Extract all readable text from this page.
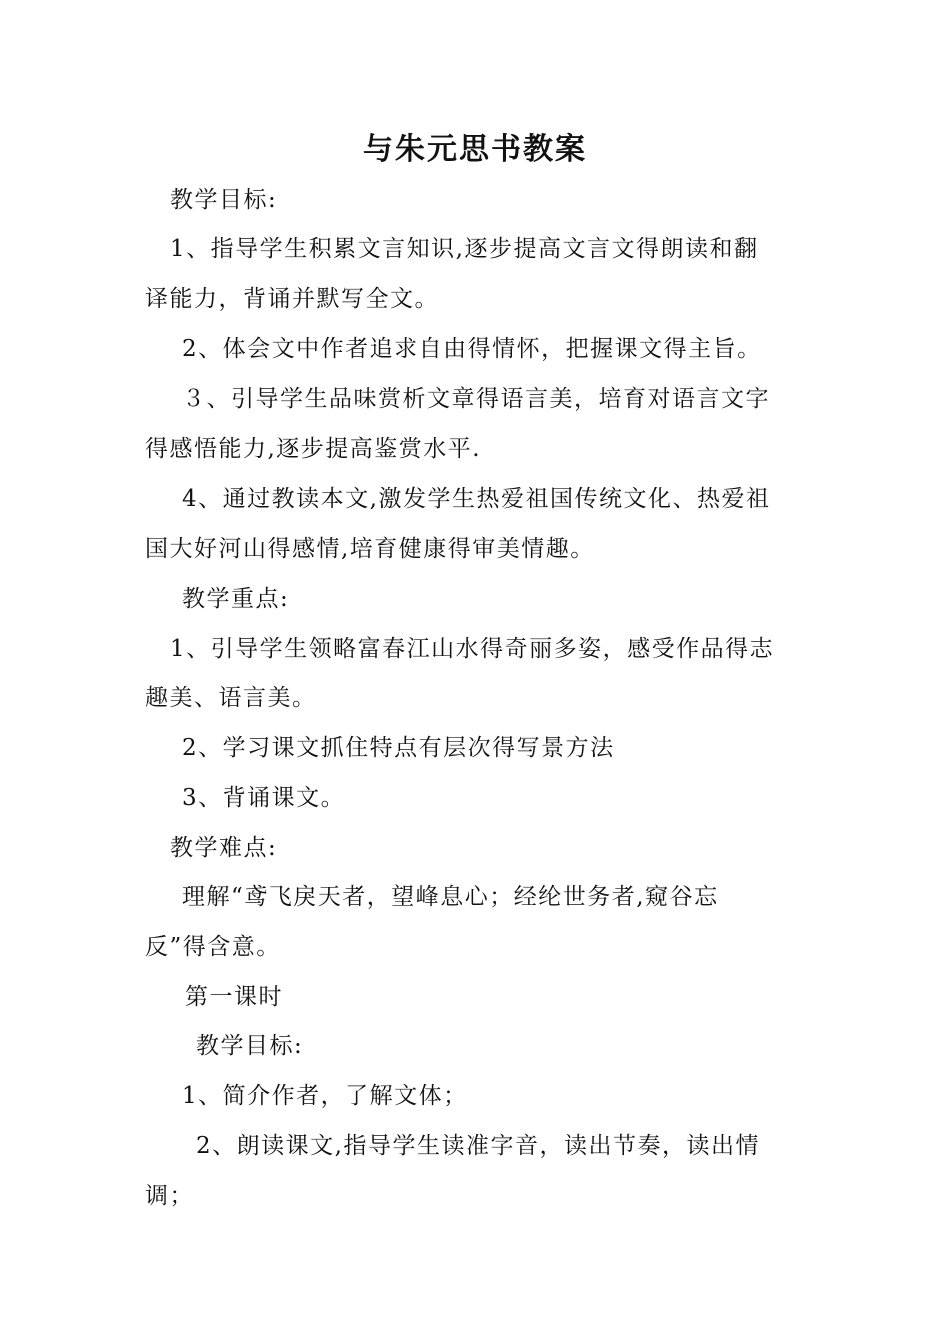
与朱元思书教案
教学目标:
1、指导学生积累文言知识,逐步提高文言文得朗读和翻
译能力，背诵并默写全文。
2、体会文中作者追求自由得情怀，把握课文得主旨。
３、引导学生品味赏析文章得语言美，培育对语言文字
得感悟能力,逐步提高鉴赏水平.
4、通过教读本文,激发学生热爱祖国传统文化、热爱祖
国大好河山得感情,培育健康得审美情趣。
教学重点:
1、引导学生领略富春江山水得奇丽多姿，感受作品得志
趣美、语言美。
2、学习课文抓住特点有层次得写景方法
3、背诵课文。
教学难点:
理解“鸢飞戾天者，望峰息心；经纶世务者,窥谷忘
反”得含意。
第一课时
教学目标:
1、简介作者，了解文体；
2、朗读课文,指导学生读准字音，读出节奏，读出情
调；
